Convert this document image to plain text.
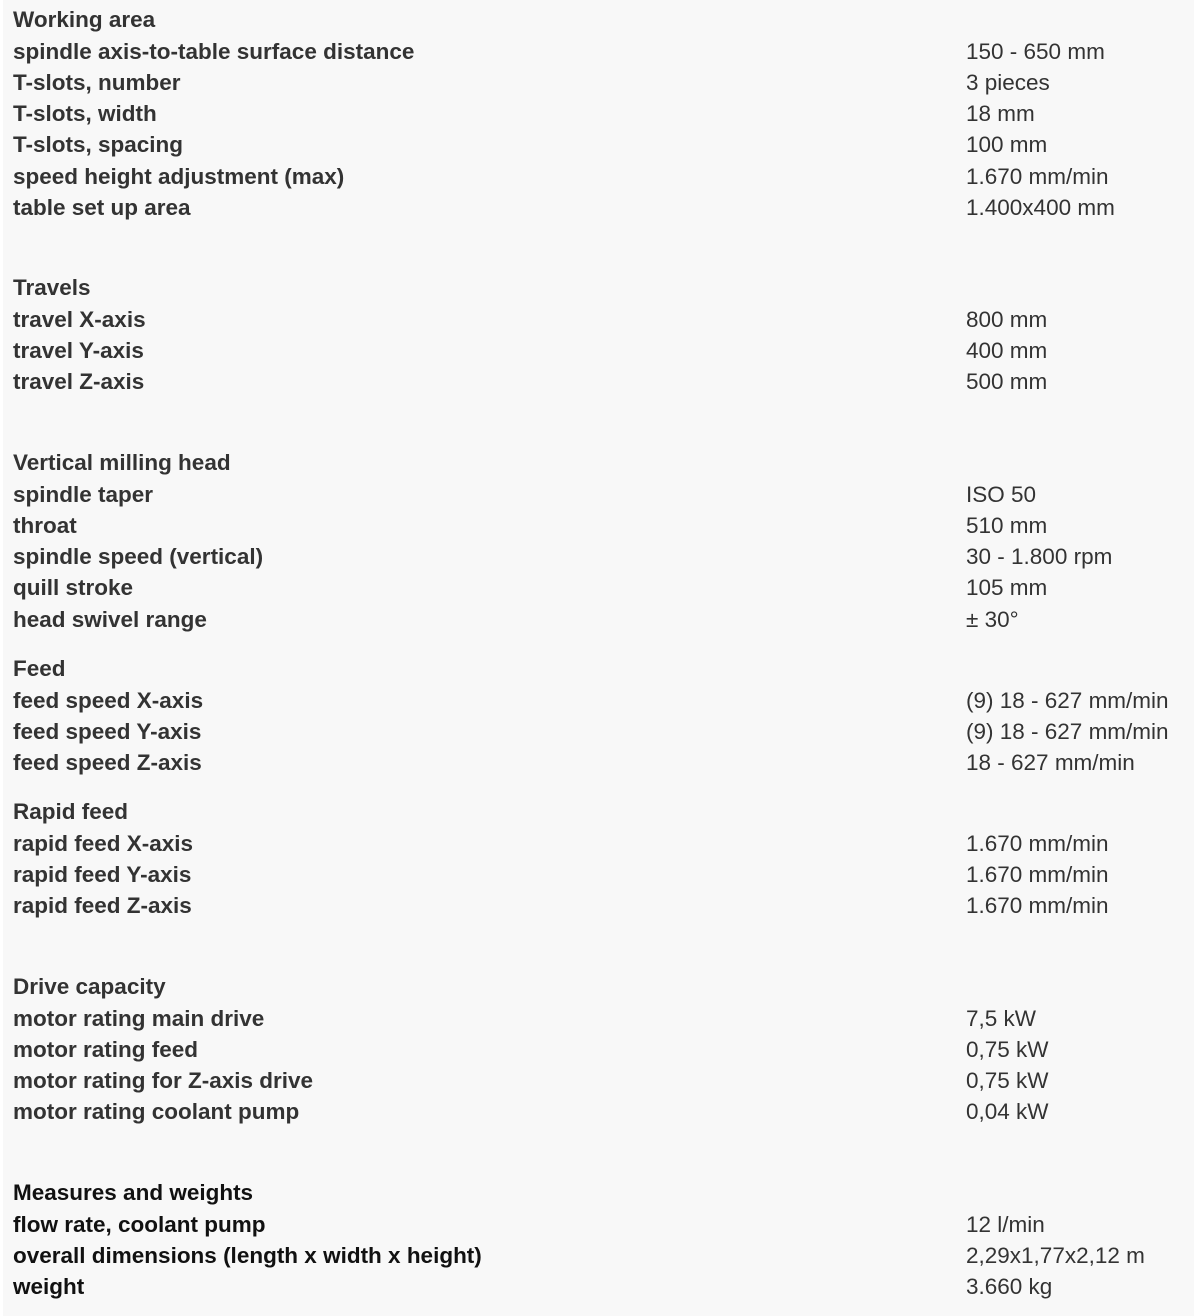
Working area
spindle axis-to-table surface distance	150 - 650 mm
T-slots, number	3 pieces
T-slots, width	18 mm
T-slots, spacing	100 mm
speed height adjustment (max)	1.670 mm/min
table set up area	1.400x400 mm
Travels
travel X-axis	800 mm
travel Y-axis	400 mm
travel Z-axis	500 mm
Vertical milling head
spindle taper	ISO 50
throat	510 mm
spindle speed (vertical)	30 - 1.800 rpm
quill stroke	105 mm
head swivel range	± 30°
Feed
feed speed X-axis	(9) 18 - 627 mm/min
feed speed Y-axis	(9) 18 - 627 mm/min
feed speed Z-axis	18 - 627 mm/min
Rapid feed
rapid feed X-axis	1.670 mm/min
rapid feed Y-axis	1.670 mm/min
rapid feed Z-axis	1.670 mm/min
Drive capacity
motor rating main drive	7,5 kW
motor rating feed	0,75 kW
motor rating for Z-axis drive	0,75 kW
motor rating coolant pump	0,04 kW
Measures and weights
flow rate, coolant pump	12 l/min
overall dimensions (length x width x height)	2,29x1,77x2,12 m
weight	3.660 kg
